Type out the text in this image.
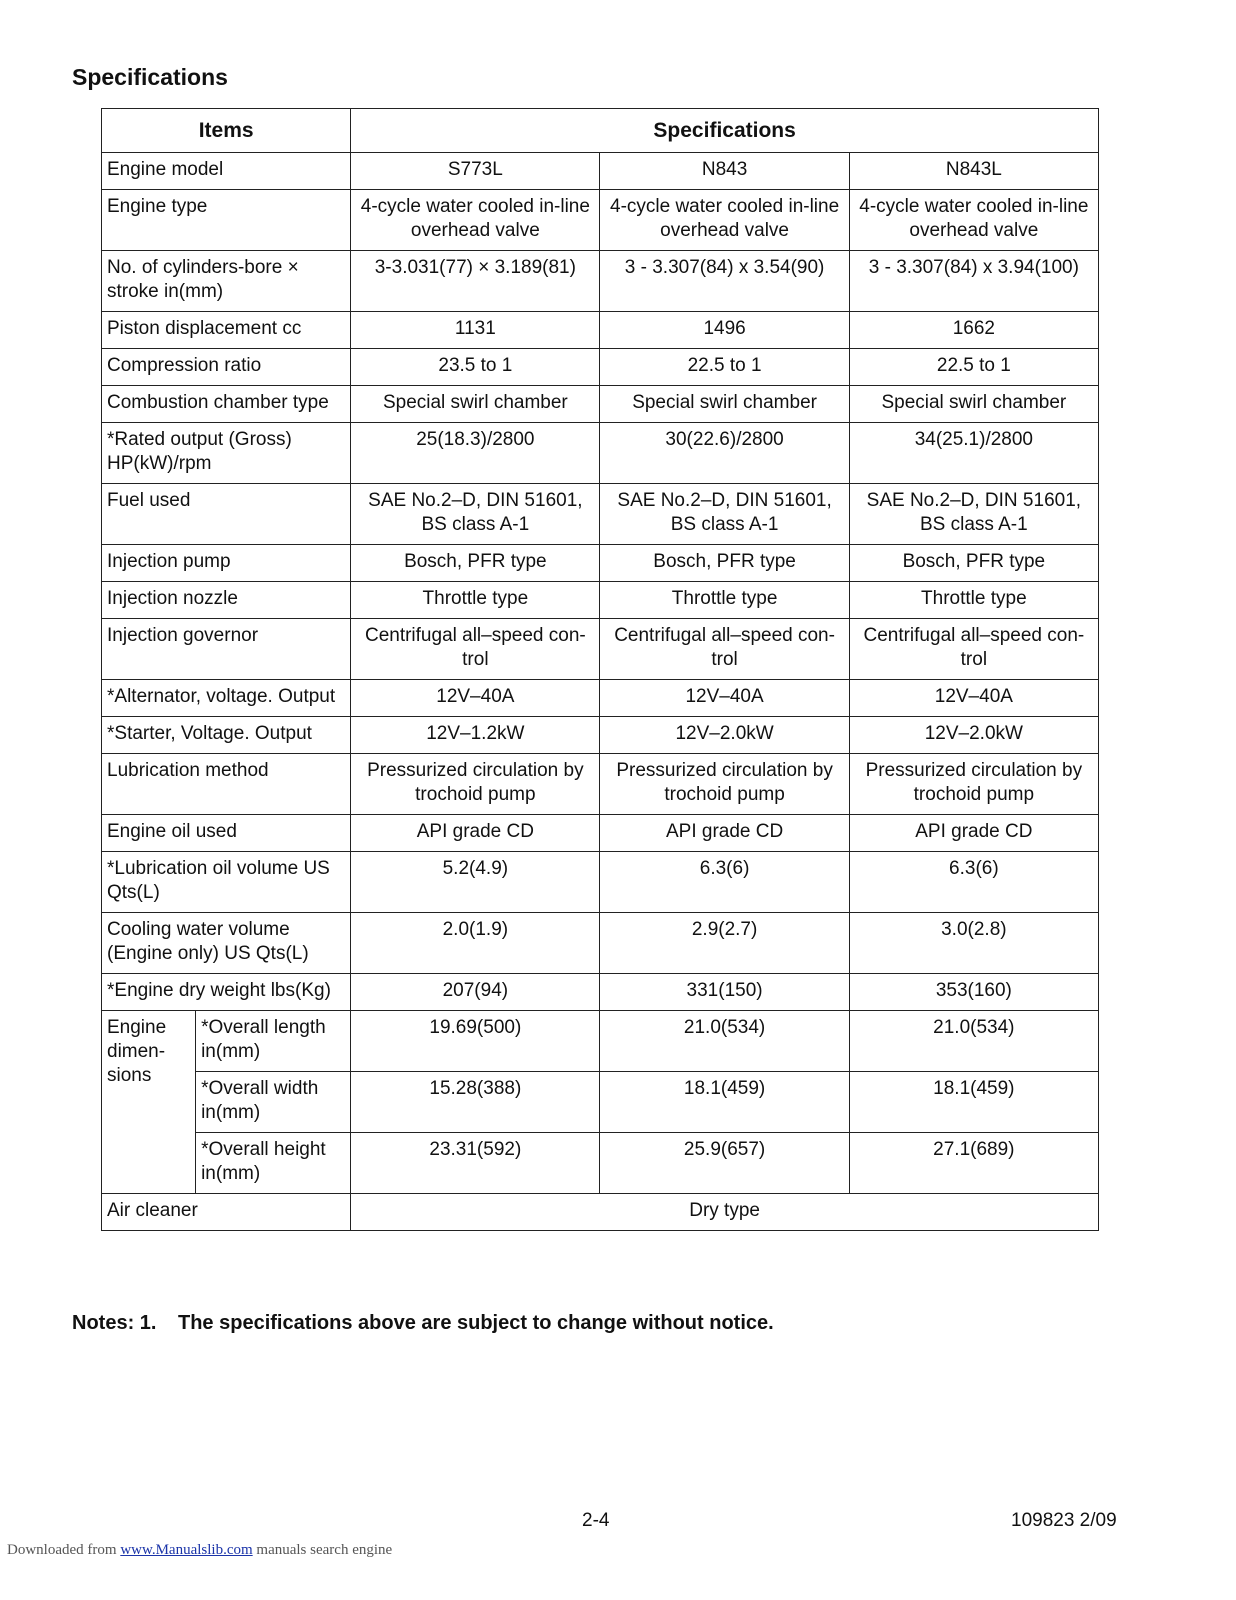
Specifications
Items		Specifications		
Engine model		S773L	N843	N843L
Engine type		4-cycle water cooled in-line overhead valve	4-cycle water cooled in-line overhead valve	4-cycle water cooled in-line overhead valve
No. of cylinders-bore × stroke in(mm)		3-3.031(77) × 3.189(81)	3 - 3.307(84) x 3.54(90)	3 - 3.307(84) x 3.94(100)
Piston displacement cc		1131	1496	1662
Compression ratio		23.5 to 1	22.5 to 1	22.5 to 1
Combustion chamber type		Special swirl chamber	Special swirl chamber	Special swirl chamber
*Rated output (Gross) HP(kW)/rpm		25(18.3)/2800	30(22.6)/2800	34(25.1)/2800
Fuel used		SAE No.2–D, DIN 51601, BS class A-1	SAE No.2–D, DIN 51601, BS class A-1	SAE No.2–D, DIN 51601, BS class A-1
Injection pump		Bosch, PFR type	Bosch, PFR type	Bosch, PFR type
Injection nozzle		Throttle type	Throttle type	Throttle type
Injection governor		Centrifugal all–speed con-trol	Centrifugal all–speed con-trol	Centrifugal all–speed con-trol
*Alternator, voltage. Output		12V–40A	12V–40A	12V–40A
*Starter, Voltage. Output		12V–1.2kW	12V–2.0kW	12V–2.0kW
Lubrication method		Pressurized circulation by trochoid pump	Pressurized circulation by trochoid pump	Pressurized circulation by trochoid pump
Engine oil used		API grade CD	API grade CD	API grade CD
*Lubrication oil volume US Qts(L)		5.2(4.9)	6.3(6)	6.3(6)
Cooling water volume (Engine only) US Qts(L)		2.0(1.9)	2.9(2.7)	3.0(2.8)
*Engine dry weight lbs(Kg)		207(94)	331(150)	353(160)
Engine dimen-sions	*Overall length in(mm)	19.69(500)	21.0(534)	21.0(534)
	*Overall width in(mm)	15.28(388)	18.1(459)	18.1(459)
	*Overall height in(mm)	23.31(592)	25.9(657)	27.1(689)
Air cleaner		Dry type		
Notes: 1.	The specifications above are subject to change without notice.
2-4	109823 2/09
Downloaded from www.Manualslib.com manuals search engine
